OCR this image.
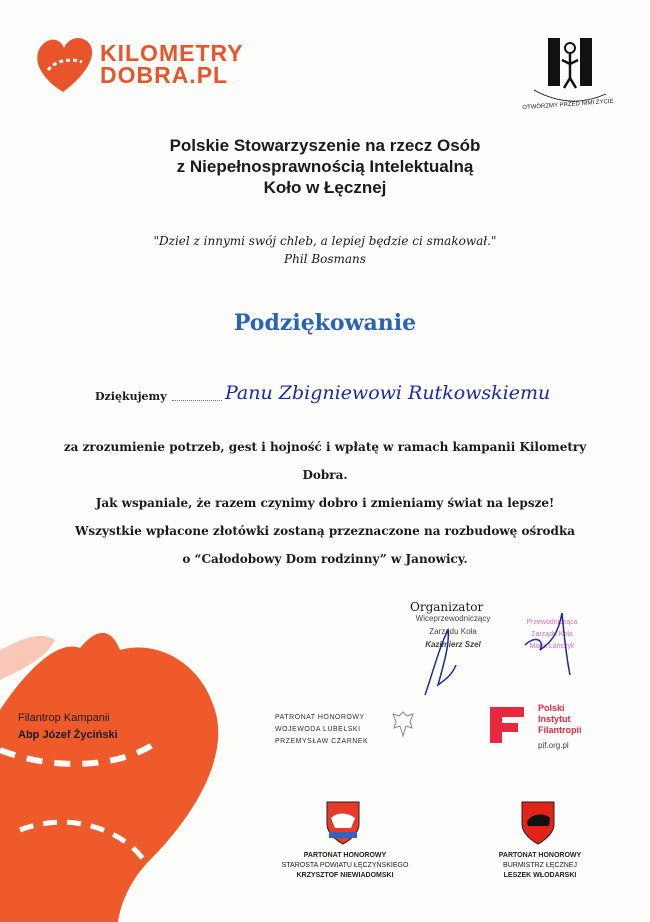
KILOMETRY
DOBRA.PL
OTWÓRZMY PRZED NIMI ŻYCIE
Polskie Stowarzyszenie na rzecz Osób
z Niepełnosprawnością Intelektualną
Koło w Łęcznej
"Dziel z innymi swój chleb, a lepiej będzie ci smakował."
Phil Bosmans
Podziękowanie
Dziękujemy	Panu Zbigniewowi Rutkowskiemu
za zrozumienie potrzeb, gest i hojność i wpłatę w ramach kampanii Kilometry Dobra.
Jak wspaniale, że razem czynimy dobro i zmieniamy świat na lepsze!
Wszystkie wpłacone złotówki zostaną przeznaczone na rozbudowę ośrodka
o “Całodobowy Dom rodzinny” w Janowicy.
Filantrop Kampanii
Abp Józef Życiński
Organizator
Wiceprzewodniczący
Zarządu Koła
Kazimierz Szel
Przewodnicząca
Zarządu Koła
Maria Łańczyk
PATRONAT HONOROWY
WOJEWODA LUBELSKI
PRZEMYSŁAW CZARNEK
Polski
Instytut
Filantropii
pif.org.pl
PARTONAT HONOROWY
STAROSTA POWIATU ŁĘCZYŃSKIEGO
KRZYSZTOF NIEWIADOMSKI
PARTONAT HONOROWY
BURMISTRZ ŁĘCZNEJ
LESZEK WŁODARSKI
